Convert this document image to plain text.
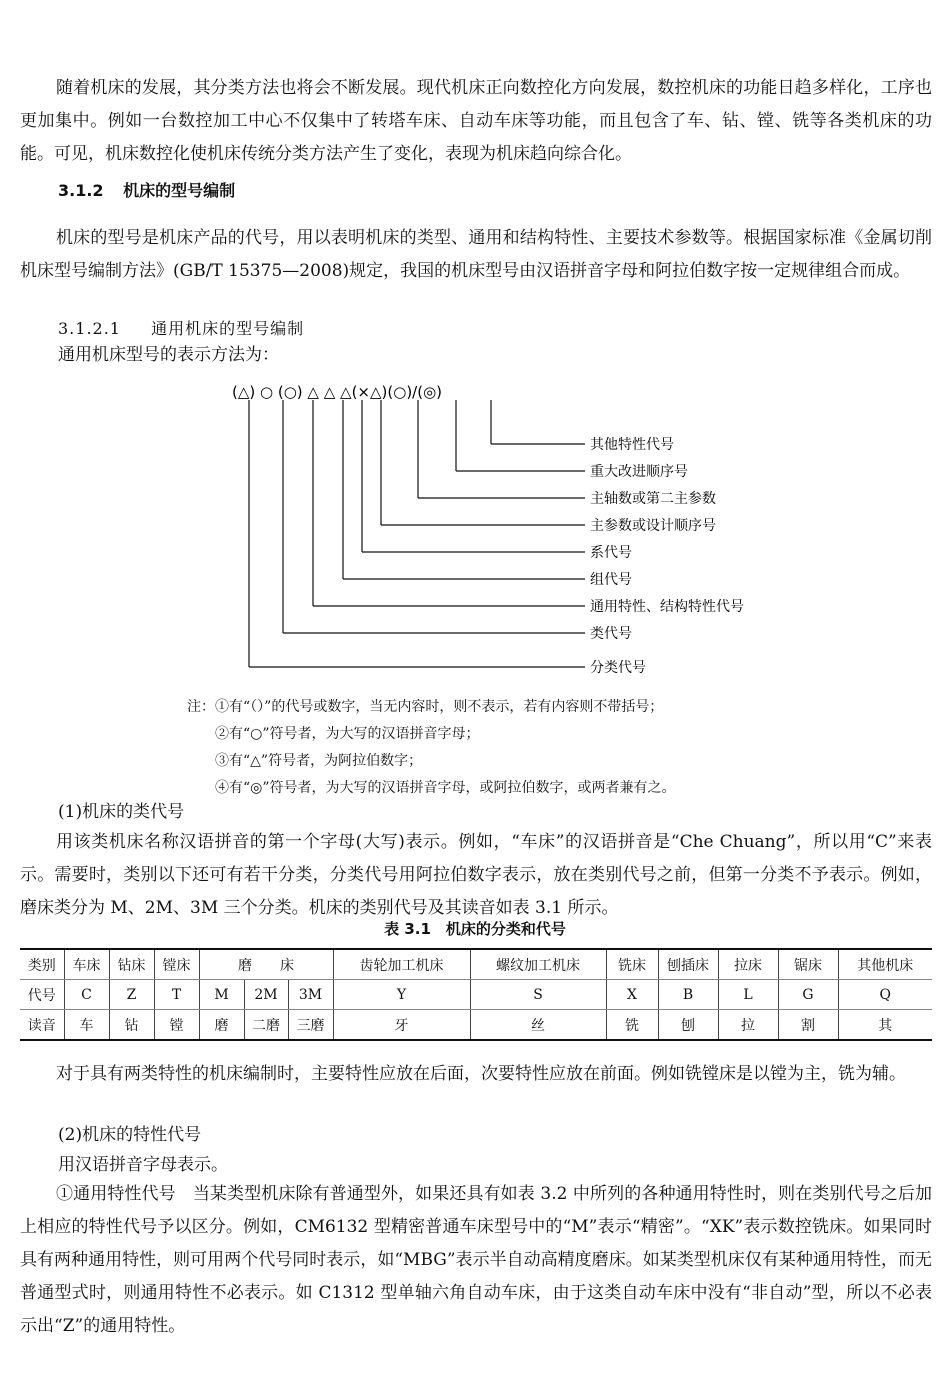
随着机床的发展，其分类方法也将会不断发展。现代机床正向数控化方向发展，数控机床的功能日趋多样化，工序也更加集中。例如一台数控加工中心不仅集中了转塔车床、自动车床等功能，而且包含了车、钻、镗、铣等各类机床的功能。可见，机床数控化使机床传统分类方法产生了变化，表现为机床趋向综合化。

3.1.2 机床的型号编制

机床的型号是机床产品的代号，用以表明机床的类型、通用和结构特性、主要技术参数等。根据国家标准《金属切削机床型号编制方法》(GB/T 15375—2008)规定，我国的机床型号由汉语拼音字母和阿拉伯数字按一定规律组合而成。

3.1.2.1 通用机床的型号编制
通用机床型号的表示方法为：
(△) ○ (○) △ △ △(×△)(○)/(◎)
其他特性代号
重大改进顺序号
主轴数或第二主参数
主参数或设计顺序号
系代号
组代号
通用特性、结构特性代号
类代号
分类代号
注：①有“（）”的代号或数字，当无内容时，则不表示，若有内容则不带括号；
②有“○”符号者，为大写的汉语拼音字母；
③有“△”符号者，为阿拉伯数字；
④有“◎”符号者，为大写的汉语拼音字母，或阿拉伯数字，或两者兼有之。
(1)机床的类代号

用该类机床名称汉语拼音的第一个字母(大写)表示。例如，“车床”的汉语拼音是“Che Chuang”，所以用“C”来表示。需要时，类别以下还可有若干分类，分类代号用阿拉伯数字表示，放在类别代号之前，但第一分类不予表示。例如，磨床类分为 M、2M、3M 三个分类。机床的类别代号及其读音如表 3.1 所示。

表 3.1　机床的分类和代号
类别	车床	钻床	镗床	磨　　床			齿轮加工机床	螺纹加工机床	铣床	刨插床	拉床	锯床	其他机床
代号	C	Z	T	M	2M	3M	Y	S	X	B	L	G	Q
读音	车	钻	镗	磨	二磨	三磨	牙	丝	铣	刨	拉	割	其

对于具有两类特性的机床编制时，主要特性应放在后面，次要特性应放在前面。例如铣镗床是以镗为主，铣为辅。

(2)机床的特性代号
用汉语拼音字母表示。

①通用特性代号　当某类型机床除有普通型外，如果还具有如表 3.2 中所列的各种通用特性时，则在类别代号之后加上相应的特性代号予以区分。例如，CM6132 型精密普通车床型号中的“M”表示“精密”。“XK”表示数控铣床。如果同时具有两种通用特性，则可用两个代号同时表示，如“MBG”表示半自动高精度磨床。如某类型机床仅有某种通用特性，而无普通型式时，则通用特性不必表示。如 C1312 型单轴六角自动车床，由于这类自动车床中没有“非自动”型，所以不必表示出“Z”的通用特性。
